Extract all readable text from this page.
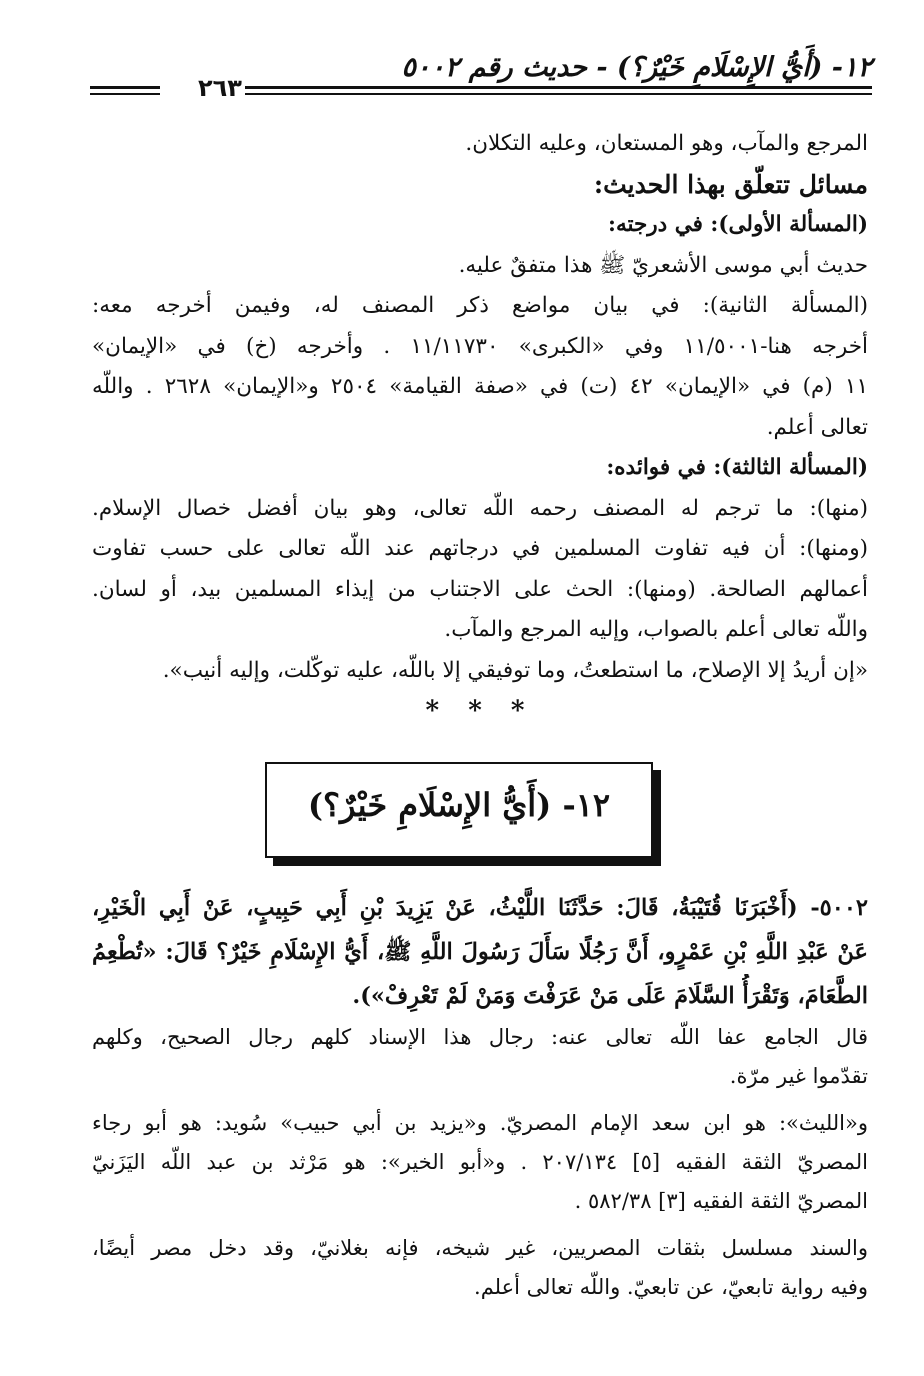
١٢- (أَيُّ الإِسْلَامِ خَيْرٌ؟) - حديث رقم ٥٠٠٢
٢٦٣
المرجع والمآب، وهو المستعان، وعليه التكلان.
مسائل تتعلّق بهذا الحديث:
(المسألة الأولى): في درجته:
حديث أبي موسى الأشعريّ ﷺ هذا متفقٌ عليه.
(المسألة الثانية): في بيان مواضع ذكر المصنف له، وفيمن أخرجه معه:
أخرجه هنا-١١/٥٠٠١ وفي «الكبرى» ١١/١١٧٣٠ . وأخرجه (خ) في «الإيمان»
١١ (م) في «الإيمان» ٤٢ (ت) في «صفة القيامة» ٢٥٠٤ و«الإيمان» ٢٦٢٨ . واللّه
تعالى أعلم.
(المسألة الثالثة): في فوائده:
(منها): ما ترجم له المصنف رحمه اللّه تعالى، وهو بيان أفضل خصال الإسلام.
(ومنها): أن فيه تفاوت المسلمين في درجاتهم عند اللّه تعالى على حسب تفاوت
أعمالهم الصالحة. (ومنها): الحث على الاجتناب من إيذاء المسلمين بيد، أو لسان.
واللّه تعالى أعلم بالصواب، وإليه المرجع والمآب.
«إن أريدُ إلا الإصلاح، ما استطعتُ، وما توفيقي إلا باللّه، عليه توكّلت، وإليه أنيب».
* * *
١٢- (أَيُّ الإِسْلَامِ خَيْرٌ؟)
٥٠٠٢- (أَخْبَرَنَا قُتَيْبَةُ، قَالَ: حَدَّثَنَا اللَّيْثُ، عَنْ يَزِيدَ بْنِ أَبِي حَبِيبٍ، عَنْ أَبِي الْخَيْرِ،
عَنْ عَبْدِ اللَّهِ بْنِ عَمْرٍو، أَنَّ رَجُلًا سَأَلَ رَسُولَ اللَّهِ ﷺ، أَيُّ الإِسْلَامِ خَيْرٌ؟ قَالَ: «تُطْعِمُ
الطَّعَامَ، وَتَقْرَأُ السَّلَامَ عَلَى مَنْ عَرَفْتَ وَمَنْ لَمْ تَعْرِفْ»).
قال الجامع عفا اللّه تعالى عنه: رجال هذا الإسناد كلهم رجال الصحيح، وكلهم
تقدّموا غير مرّة.
و«الليث»: هو ابن سعد الإمام المصريّ. و«يزيد بن أبي حبيب» سُويد: هو أبو رجاء
المصريّ الثقة الفقيه [٥] ٢٠٧/١٣٤ . و«أبو الخير»: هو مَرْثد بن عبد اللّه اليَزَنيّ
المصريّ الثقة الفقيه [٣] ٥٨٢/٣٨ .
والسند مسلسل بثقات المصريين، غير شيخه، فإنه بغلانيّ، وقد دخل مصر أيضًا،
وفيه رواية تابعيّ، عن تابعيّ. واللّه تعالى أعلم.
